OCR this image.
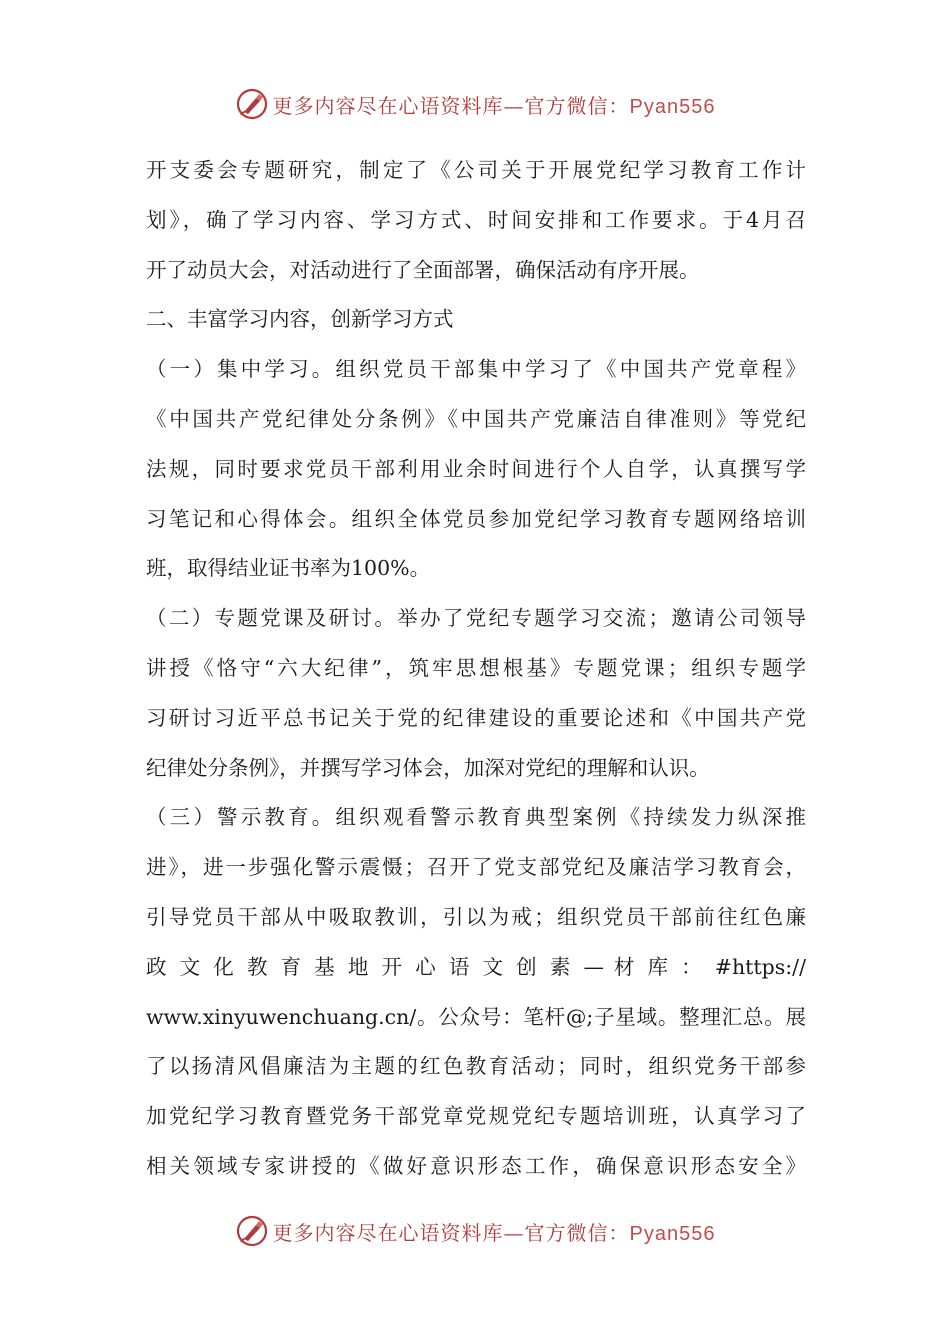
更多内容尽在心语资料库—官方微信：Pyan556
开支委会专题研究，制定了《公司关于开展党纪学习教育工作计
划》，确了学习内容、学习方式、时间安排和工作要求。于4月召
开了动员大会，对活动进行了全面部署，确保活动有序开展。
二、丰富学习内容，创新学习方式
（一）集中学习。组织党员干部集中学习了《中国共产党章程》
《中国共产党纪律处分条例》《中国共产党廉洁自律准则》等党纪
法规，同时要求党员干部利用业余时间进行个人自学，认真撰写学
习笔记和心得体会。组织全体党员参加党纪学习教育专题网络培训
班，取得结业证书率为100%。
（二）专题党课及研讨。举办了党纪专题学习交流；邀请公司领导
讲授《恪守“六大纪律”，筑牢思想根基》专题党课；组织专题学
习研讨习近平总书记关于党的纪律建设的重要论述和《中国共产党
纪律处分条例》，并撰写学习体会，加深对党纪的理解和认识。
（三）警示教育。组织观看警示教育典型案例《持续发力纵深推
进》，进一步强化警示震慑；召开了党支部党纪及廉洁学习教育会，
引导党员干部从中吸取教训，引以为戒；组织党员干部前往红色廉
政 文 化 教 育 基 地 开 心 语 文 创 素 — 材 库 ： #https://
www.xinyuwenchuang.cn/。公众号：笔杆@;子星域。整理汇总。展
了以扬清风倡廉洁为主题的红色教育活动；同时，组织党务干部参
加党纪学习教育暨党务干部党章党规党纪专题培训班，认真学习了
相关领域专家讲授的《做好意识形态工作，确保意识形态安全》
更多内容尽在心语资料库—官方微信：Pyan556
